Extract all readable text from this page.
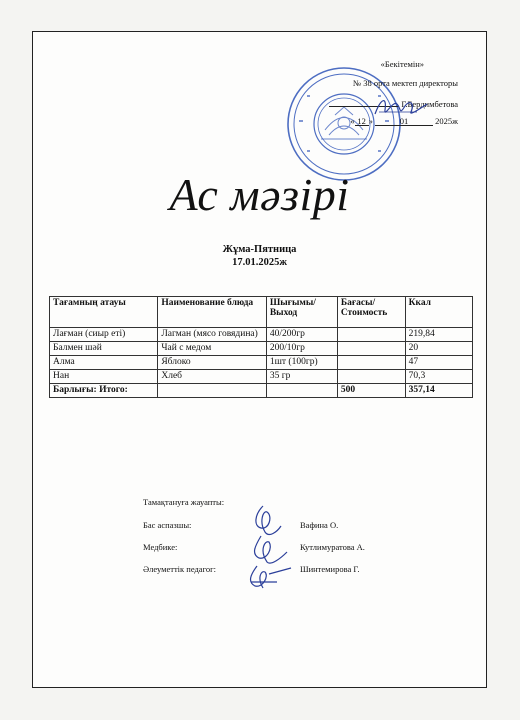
«Бекітемін»
№ 38 орта мектеп директоры
Г.Бердимбетова
« 12 »	01	2025ж
Ас мәзірі
Жұма-Пятница
17.01.2025ж
Тағамның атауы	Наименование блюда	Шығымы/ Выход	Бағасы/ Стоимость	Ккал
Лағман (сиыр еті)	Лагман (мясо говядина)	40/200гр		219,84
Балмен шәй	Чай с медом	200/10гр		20
Алма	Яблоко	1шт (100гр)		47
Нан	Хлеб	35 гр		70,3
Барлығы: Итого:			500	357,14
Тамақтануға жауапты:
Бас аспазшы:	Вафина О.
Медбике:	Кутлимуратова А.
Әлеуметтік педагог:	Шинтемирова Г.
